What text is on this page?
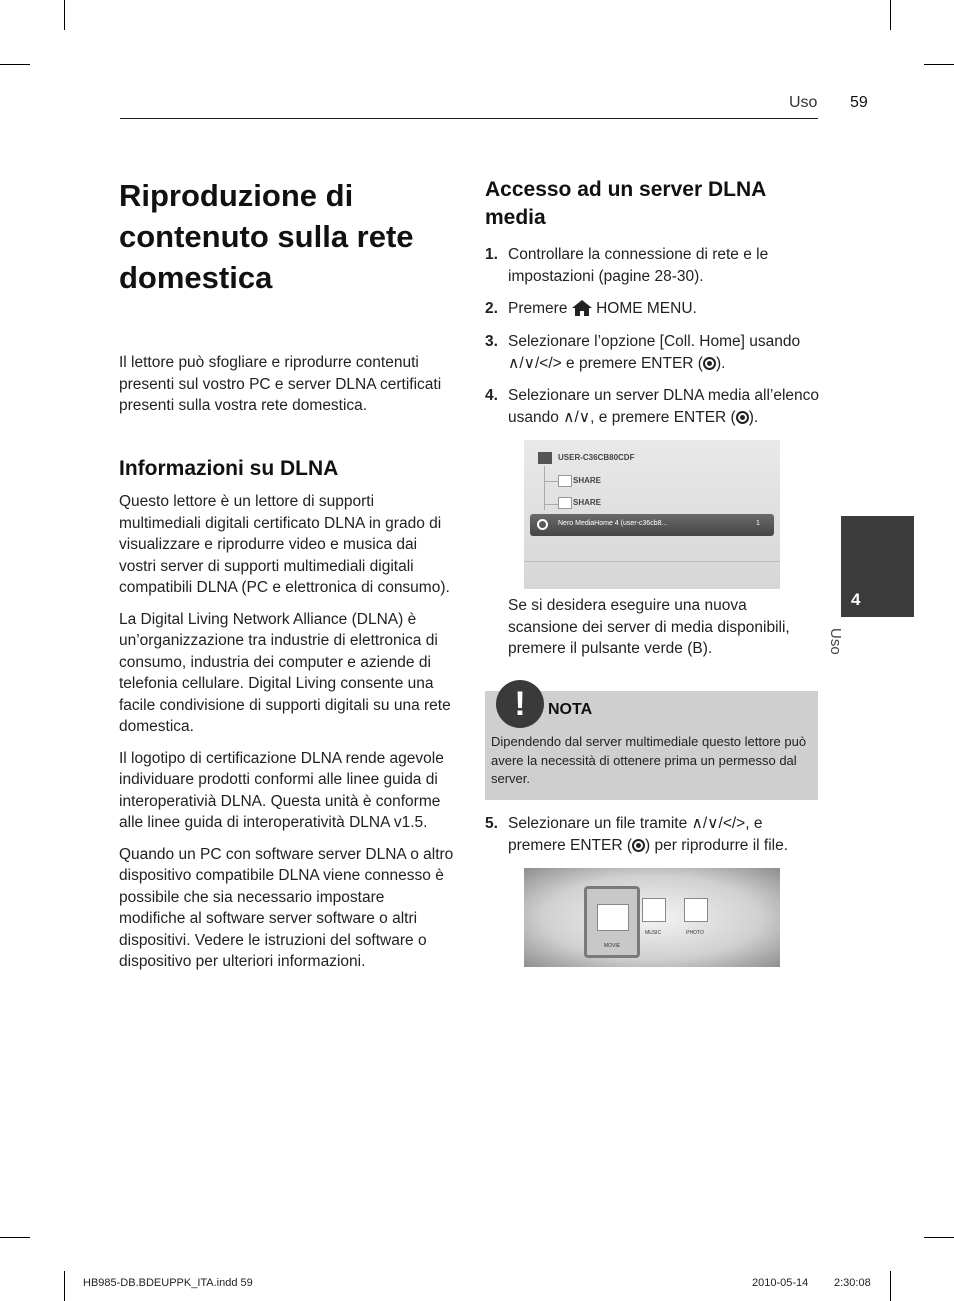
Uso 59
Riproduzione di contenuto sulla rete domestica

Il lettore può sfogliare e riprodurre contenuti presenti sul vostro PC e server DLNA certificati presenti sulla vostra rete domestica.

Informazioni su DLNA

Questo lettore è un lettore di supporti multimediali digitali certificato DLNA in grado di visualizzare e riprodurre video e musica dai vostri server di supporti multimediali digitali compatibili DLNA (PC e elettronica di consumo).

La Digital Living Network Alliance (DLNA) è un’organizzazione tra industrie di elettronica di consumo, industria dei computer e aziende di telefonia cellulare. Digital Living consente una facile condivisione di supporti digitali su una rete domestica.

Il logotipo di certificazione DLNA rende agevole individuare prodotti conformi alle linee guida di interoperativià DLNA. Questa unità è conforme alle linee guida di interoperatività DLNA v1.5.

Quando un PC con software server DLNA o altro dispositivo compatibile DLNA viene connesso è possibile che sia necessario impostare modifiche al software server software o altri dispositivi. Vedere le istruzioni del software o dispositivo per ulteriori informazioni.

Accesso ad un server DLNA media
1. Controllare la connessione di rete e le impostazioni (pagine 28-30).
2. Premere HOME MENU.
3. Selezionare l’opzione [Coll. Home] usando ∧/∨/</> e premere ENTER ( ).
4. Selezionare un server DLNA media all’elenco usando ∧/∨, e premere ENTER ( ).
USER-C36CB80CDF
SHARE
SHARE
Nero MediaHome 4 (user-c36cb8...	1
Se si desidera eseguire una nuova scansione dei server di media disponibili, premere il pulsante verde (B).
NOTA
Dipendendo dal server multimediale questo lettore può avere la necessità di ottenere prima un permesso dal server.
!
5. Selezionare un file tramite ∧/∨/</>, e premere ENTER ( ) per riprodurre il file.
MOVIE
MUSIC	PHOTO
4
Uso
HB985-DB.BDEUPPK_ITA.indd 59	2010-05-14 2:30:08
